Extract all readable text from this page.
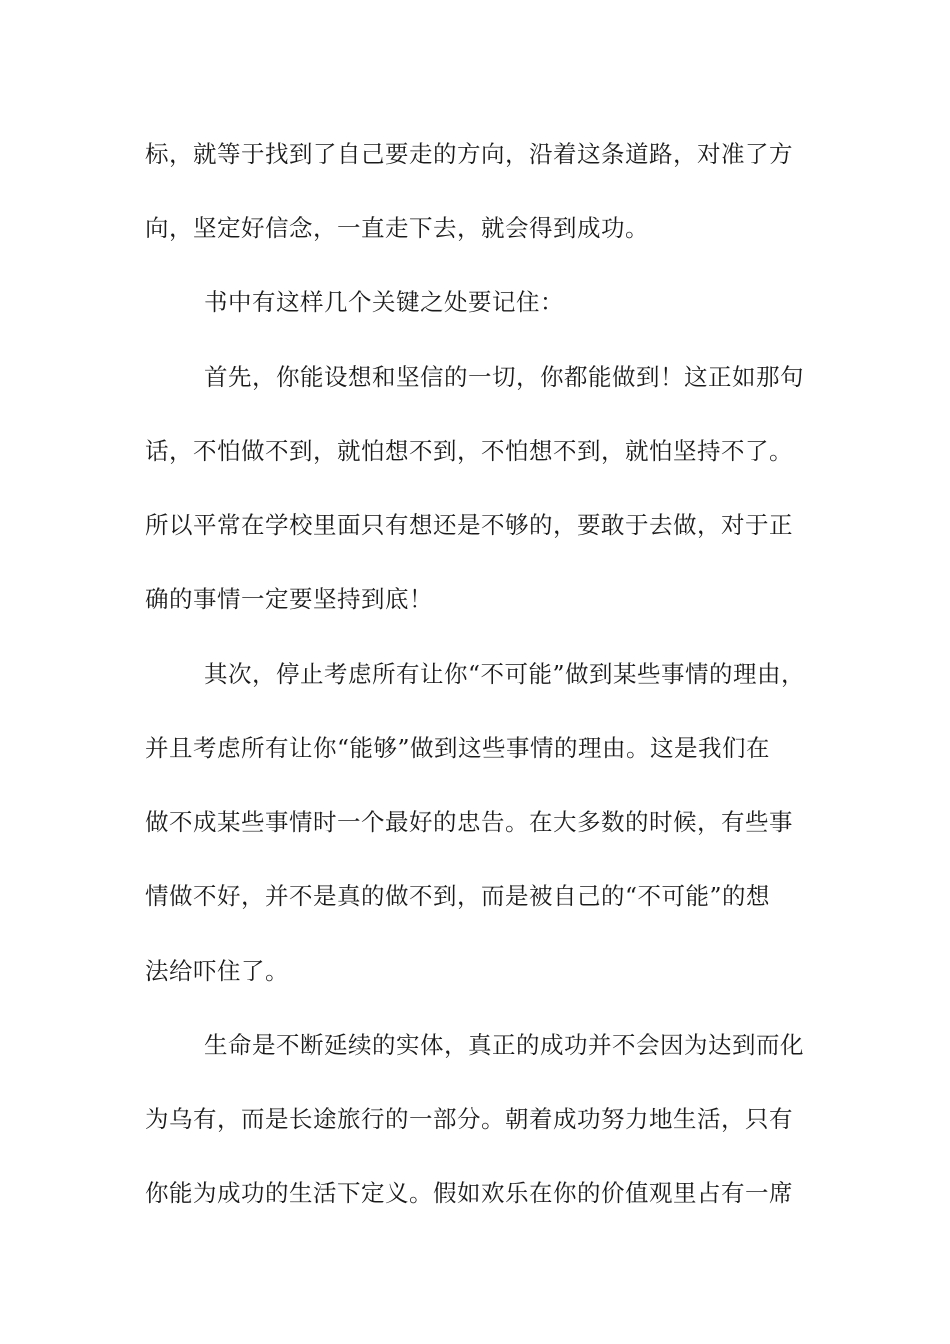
标，就等于找到了自己要走的方向，沿着这条道路，对准了方
向，坚定好信念，一直走下去，就会得到成功。
书中有这样几个关键之处要记住：
首先，你能设想和坚信的一切，你都能做到！这正如那句
话，不怕做不到，就怕想不到，不怕想不到，就怕坚持不了。
所以平常在学校里面只有想还是不够的，要敢于去做，对于正
确的事情一定要坚持到底！
其次，停止考虑所有让你“不可能”做到某些事情的理由，
并且考虑所有让你“能够”做到这些事情的理由。这是我们在
做不成某些事情时一个最好的忠告。在大多数的时候，有些事
情做不好，并不是真的做不到，而是被自己的“不可能”的想
法给吓住了。
生命是不断延续的实体，真正的成功并不会因为达到而化
为乌有，而是长途旅行的一部分。朝着成功努力地生活，只有
你能为成功的生活下定义。假如欢乐在你的价值观里占有一席
